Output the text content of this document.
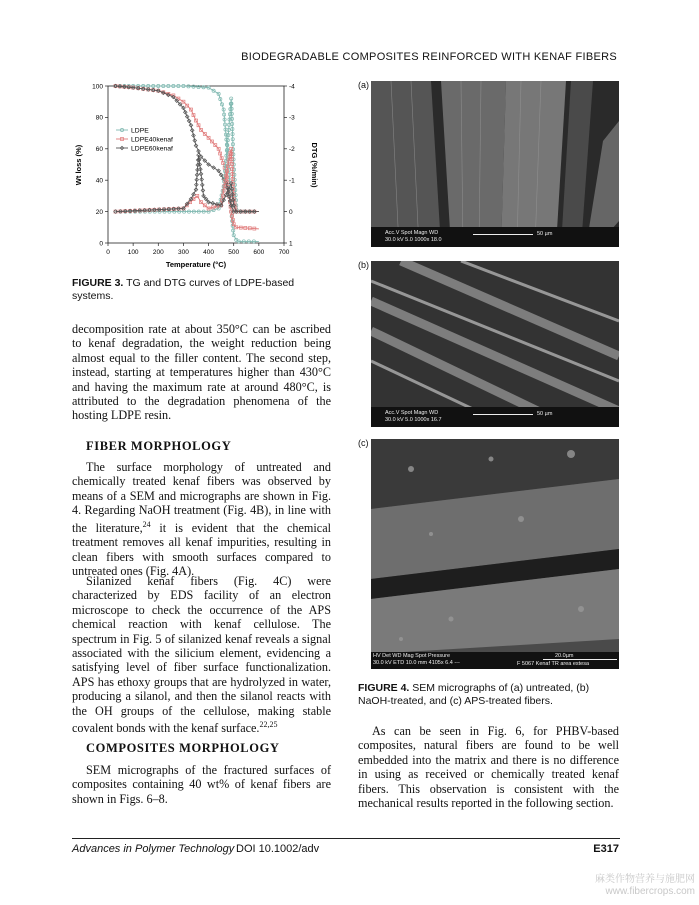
BIODEGRADABLE COMPOSITES REINFORCED WITH KENAF FIBERS
0	100 200 300 400 500 600 700
0
20
40
60
80
100	-4
-3
-2
-1
0
1
LDPE
LDPE40kenaf
LDPE60kenaf
Temperature (°C)
Wt loss (%)	DTG (%/min)
FIGURE 3. TG and DTG curves of LDPE-based systems.

decomposition rate at about 350°C can be ascribed to kenaf degradation, the weight reduction being almost equal to the filler content. The second step, instead, starting at temperatures higher than 430°C and having the maximum rate at around 480°C, is attributed to the degradation phenomena of the hosting LDPE resin.

FIBER MORPHOLOGY

The surface morphology of untreated and chemically treated kenaf fibers was observed by means of a SEM and micrographs are shown in Fig. 4. Regarding NaOH treatment (Fig. 4B), in line with the literature,$^{24}$ it is evident that the chemical treatment removes all kenaf impurities, resulting in clean fibers with smooth surfaces compared to untreated ones (Fig. 4A).

Silanized kenaf fibers (Fig. 4C) were characterized by EDS facility of an electron microscope to check the occurrence of the APS chemical reaction with kenaf cellulose. The spectrum in Fig. 5 of silanized kenaf reveals a signal associated with the silicium element, evidencing a satisfying level of fiber surface functionalization. APS has ethoxy groups that are hydrolyzed in water, producing a silanol, and then the silanol reacts with the OH groups of the cellulose, making stable covalent bonds with the kenaf surface.$^{22,25}$

COMPOSITES MORPHOLOGY

SEM micrographs of the fractured surfaces of composites containing 40 wt% of kenaf fibers are shown in Figs. 6–8.

(a)
Acc.V Spot Magn WD
30.0 kV 5.0 1000x 18.0
50 µm
(b)
Acc.V Spot Magn WD
30.0 kV 5.0 1000x 16.7
50 µm
(c)
HV Det WD Mag Spot Pressure
30.0 kV ETD 10.0 mm 4105x 6.4 ---
20.0µm
F 5067 Kenaf TR area estesa
FIGURE 4. SEM micrographs of (a) untreated, (b) NaOH-treated, and (c) APS-treated fibers.

As can be seen in Fig. 6, for PHBV-based composites, natural fibers are found to be well embedded into the matrix and there is no difference in using as received or chemically treated kenaf fibers. This observation is consistent with the mechanical results reported in the following section.

Advances in Polymer Technology DOI 10.1002/adv	E317
麻类作物营养与施肥网
www.fibercrops.com
